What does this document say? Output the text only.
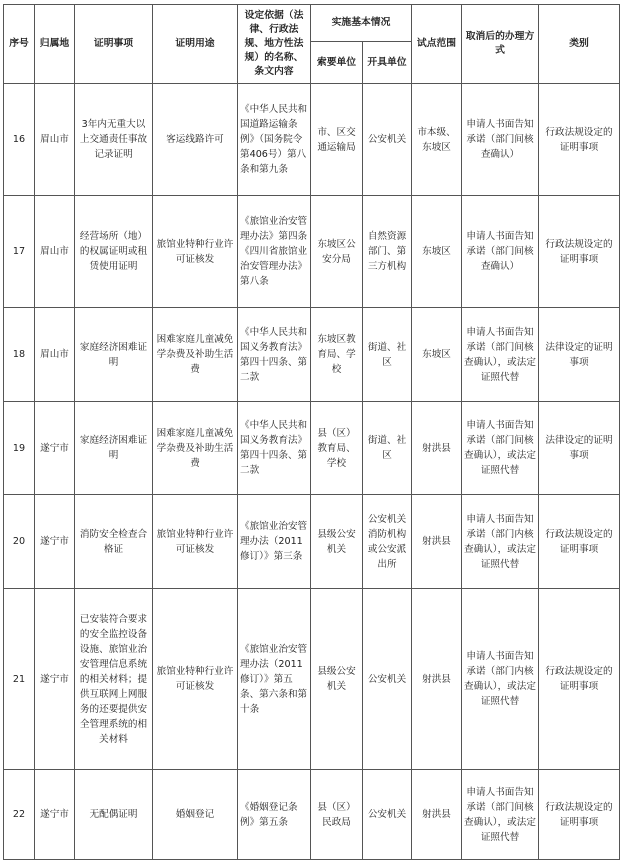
序号	归属地	证明事项	证明用途	设定依据（法律、行政法规、地方性法规）的名称、条文内容	实施基本情况		试点范围	取消后的办理方式	类别
					索要单位	开具单位			
16	眉山市	3年内无重大以上交通责任事故记录证明	客运线路许可	《中华人民共和国道路运输条例》（国务院令第406号）第八条和第九条	市、区交通运输局	公安机关	市本级、东坡区	申请人书面告知承诺（部门间核查确认）	行政法规设定的证明事项
17	眉山市	经营场所（地）的权属证明或租赁使用证明	旅馆业特种行业许可证核发	《旅馆业治安管理办法》第四条《四川省旅馆业治安管理办法》第八条	东坡区公安分局	自然资源部门、第三方机构	东坡区	申请人书面告知承诺（部门间核查确认）	行政法规设定的证明事项
18	眉山市	家庭经济困难证明	困难家庭儿童减免学杂费及补助生活费	《中华人民共和国义务教育法》第四十四条、第二款	东坡区教育局、学校	街道、社区	东坡区	申请人书面告知承诺（部门间核查确认），或法定证照代替	法律设定的证明事项
19	遂宁市	家庭经济困难证明	困难家庭儿童减免学杂费及补助生活费	《中华人民共和国义务教育法》第四十四条、第二款	县（区）教育局、学校	街道、社区	射洪县	申请人书面告知承诺（部门间核查确认），或法定证照代替	法律设定的证明事项
20	遂宁市	消防安全检查合格证	旅馆业特种行业许可证核发	《旅馆业治安管理办法（2011修订）》第三条	县级公安机关	公安机关消防机构或公安派出所	射洪县	申请人书面告知承诺（部门内核查确认），或法定证照代替	行政法规设定的证明事项
21	遂宁市	已安装符合要求的安全监控设备设施、旅馆业治安管理信息系统的相关材料；提供互联网上网服务的还要提供安全管理系统的相关材料	旅馆业特种行业许可证核发	《旅馆业治安管理办法（2011修订）》第五条、第六条和第十条	县级公安机关	公安机关	射洪县	申请人书面告知承诺（部门内核查确认），或法定证照代替	行政法规设定的证明事项
22	遂宁市	无配偶证明	婚姻登记	《婚姻登记条例》第五条	县（区）民政局	公安机关	射洪县	申请人书面告知承诺（部门间核查确认），或法定证照代替	行政法规设定的证明事项
